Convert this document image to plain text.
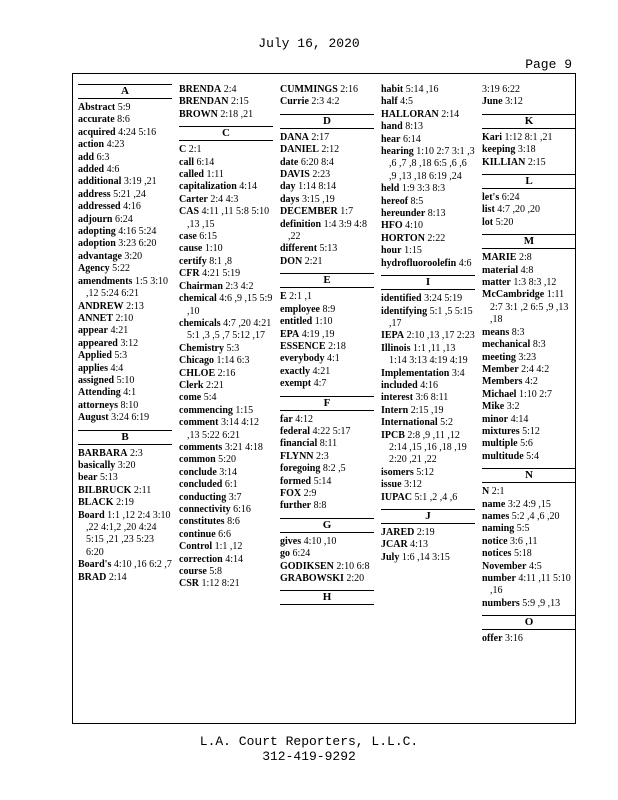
July 16, 2020
Page 9
A
Abstract 5:9
accurate 8:6
acquired 4:24 5:16
action 4:23
add 6:3
added 4:6
additional 3:19 ,21
address 5:21 ,24
addressed 4:16
adjourn 6:24
adopting 4:16 5:24
adoption 3:23 6:20
advantage 3:20
Agency 5:22
amendments 1:5 3:10 ,12 5:24 6:21
ANDREW 2:13
ANNET 2:10
appear 4:21
appeared 3:12
Applied 5:3
applies 4:4
assigned 5:10
Attending 4:1
attorneys 8:10
August 3:24 6:19
B
BARBARA 2:3
basically 3:20
bear 5:13
BILBRUCK 2:11
BLACK 2:19
Board 1:1 ,12 2:4 3:10 ,22 4:1,2 ,20 4:24 5:15 ,21 ,23 5:23 6:20
Board's 4:10 ,16 6:2 ,7
BRAD 2:14
BRENDA 2:4
BRENDAN 2:15
BROWN 2:18 ,21
C
C 2:1
call 6:14
called 1:11
capitalization 4:14
Carter 2:4 4:3
CAS 4:11 ,11 5:8 5:10 ,13 ,15
case 6:15
cause 1:10
certify 8:1 ,8
CFR 4:21 5:19
Chairman 2:3 4:2
chemical 4:6 ,9 ,15 5:9 ,10
chemicals 4:7 ,20 4:21 5:1 ,3 ,5 ,7 5:12 ,17
Chemistry 5:3
Chicago 1:14 6:3
CHLOE 2:16
Clerk 2:21
come 5:4
commencing 1:15
comment 3:14 4:12 ,13 5:22 6:21
comments 3:21 4:18
common 5:20
conclude 3:14
concluded 6:1
conducting 3:7
connectivity 6:16
constitutes 8:6
continue 6:6
Control 1:1 ,12
correction 4:14
course 5:8
CSR 1:12 8:21
CUMMINGS 2:16
Currie 2:3 4:2
D
DANA 2:17
DANIEL 2:12
date 6:20 8:4
DAVIS 2:23
day 1:14 8:14
days 3:15 ,19
DECEMBER 1:7
definition 1:4 3:9 4:8 ,22
different 5:13
DON 2:21
E
E 2:1 ,1
employee 8:9
entitled 1:10
EPA 4:19 ,19
ESSENCE 2:18
everybody 4:1
exactly 4:21
exempt 4:7
F
far 4:12
federal 4:22 5:17
financial 8:11
FLYNN 2:3
foregoing 8:2 ,5
formed 5:14
FOX 2:9
further 8:8
G
gives 4:10 ,10
go 6:24
GODIKSEN 2:10 6:8
GRABOWSKI 2:20
H
habit 5:14 ,16
half 4:5
HALLORAN 2:14
hand 8:13
hear 6:14
hearing 1:10 2:7 3:1 ,3 ,6 ,7 ,8 ,18 6:5 ,6 ,6 ,9 ,13 ,18 6:19 ,24
held 1:9 3:3 8:3
hereof 8:5
hereunder 8:13
HFO 4:10
HORTON 2:22
hour 1:15
hydrofluoroolefin 4:6
I
identified 3:24 5:19
identifying 5:1 ,5 5:15 ,17
IEPA 2:10 ,13 ,17 2:23
Illinois 1:1 ,11 ,13 1:14 3:13 4:19 4:19
Implementation 3:4
included 4:16
interest 3:6 8:11
Intern 2:15 ,19
International 5:2
IPCB 2:8 ,9 ,11 ,12 2:14 ,15 ,16 ,18 ,19 2:20 ,21 ,22
isomers 5:12
issue 3:12
IUPAC 5:1 ,2 ,4 ,6
J
JARED 2:19
JCAR 4:13
July 1:6 ,14 3:15
3:19 6:22
June 3:12
K
Kari 1:12 8:1 ,21
keeping 3:18
KILLIAN 2:15
L
let's 6:24
list 4:7 ,20 ,20
lot 5:20
M
MARIE 2:8
material 4:8
matter 1:3 8:3 ,12
McCambridge 1:11 2:7 3:1 ,2 6:5 ,9 ,13 ,18
means 8:3
mechanical 8:3
meeting 3:23
Member 2:4 4:2
Members 4:2
Michael 1:10 2:7
Mike 3:2
minor 4:14
mixtures 5:12
multiple 5:6
multitude 5:4
N
N 2:1
name 3:2 4:9 ,15
names 5:2 ,4 ,6 ,20
naming 5:5
notice 3:6 ,11
notices 5:18
November 4:5
number 4:11 ,11 5:10 ,16
numbers 5:9 ,9 ,13
O
offer 3:16
L.A. Court Reporters, L.L.C.
312-419-9292
